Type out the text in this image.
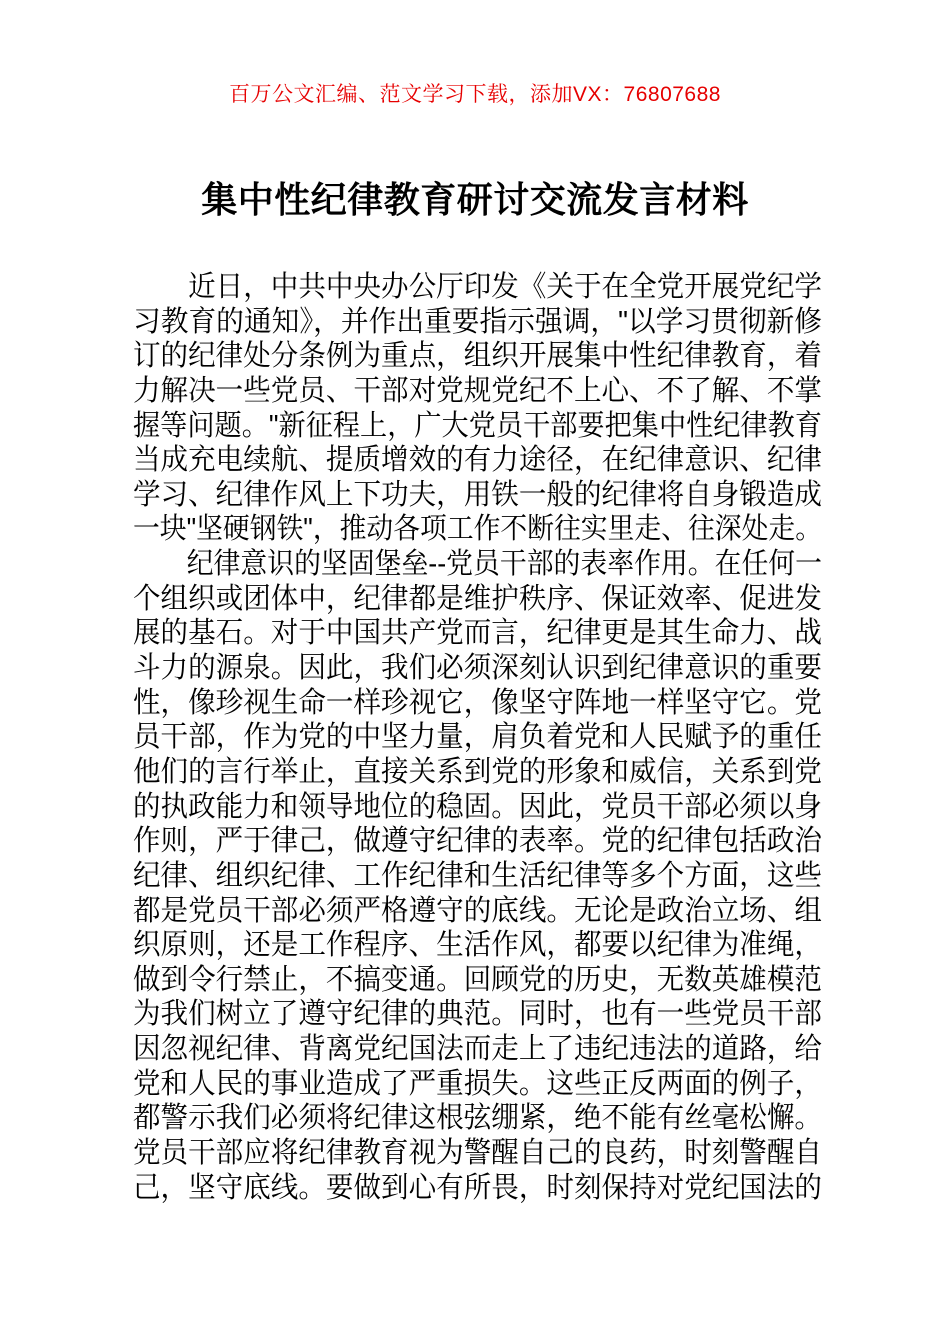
百万公文汇编、范文学习下载，添加VX：76807688
集中性纪律教育研讨交流发言材料
　　近日，中共中央办公厅印发《关于在全党开展党纪学
习教育的通知》，并作出重要指示强调，"以学习贯彻新修
订的纪律处分条例为重点，组织开展集中性纪律教育，着
力解决一些党员、干部对党规党纪不上心、不了解、不掌
握等问题。"新征程上，广大党员干部要把集中性纪律教育
当成充电续航、提质增效的有力途径，在纪律意识、纪律
学习、纪律作风上下功夫，用铁一般的纪律将自身锻造成
一块"坚硬钢铁"，推动各项工作不断往实里走、往深处走。
　　纪律意识的坚固堡垒--党员干部的表率作用。在任何一
个组织或团体中，纪律都是维护秩序、保证效率、促进发
展的基石。对于中国共产党而言，纪律更是其生命力、战
斗力的源泉。因此，我们必须深刻认识到纪律意识的重要
性，像珍视生命一样珍视它，像坚守阵地一样坚守它。党
员干部，作为党的中坚力量，肩负着党和人民赋予的重任
他们的言行举止，直接关系到党的形象和威信，关系到党
的执政能力和领导地位的稳固。因此，党员干部必须以身
作则，严于律己，做遵守纪律的表率。党的纪律包括政治
纪律、组织纪律、工作纪律和生活纪律等多个方面，这些
都是党员干部必须严格遵守的底线。无论是政治立场、组
织原则，还是工作程序、生活作风，都要以纪律为准绳，
做到令行禁止，不搞变通。回顾党的历史，无数英雄模范
为我们树立了遵守纪律的典范。同时，也有一些党员干部
因忽视纪律、背离党纪国法而走上了违纪违法的道路，给
党和人民的事业造成了严重损失。这些正反两面的例子，
都警示我们必须将纪律这根弦绷紧，绝不能有丝毫松懈。
党员干部应将纪律教育视为警醒自己的良药，时刻警醒自
己，坚守底线。要做到心有所畏，时刻保持对党纪国法的
